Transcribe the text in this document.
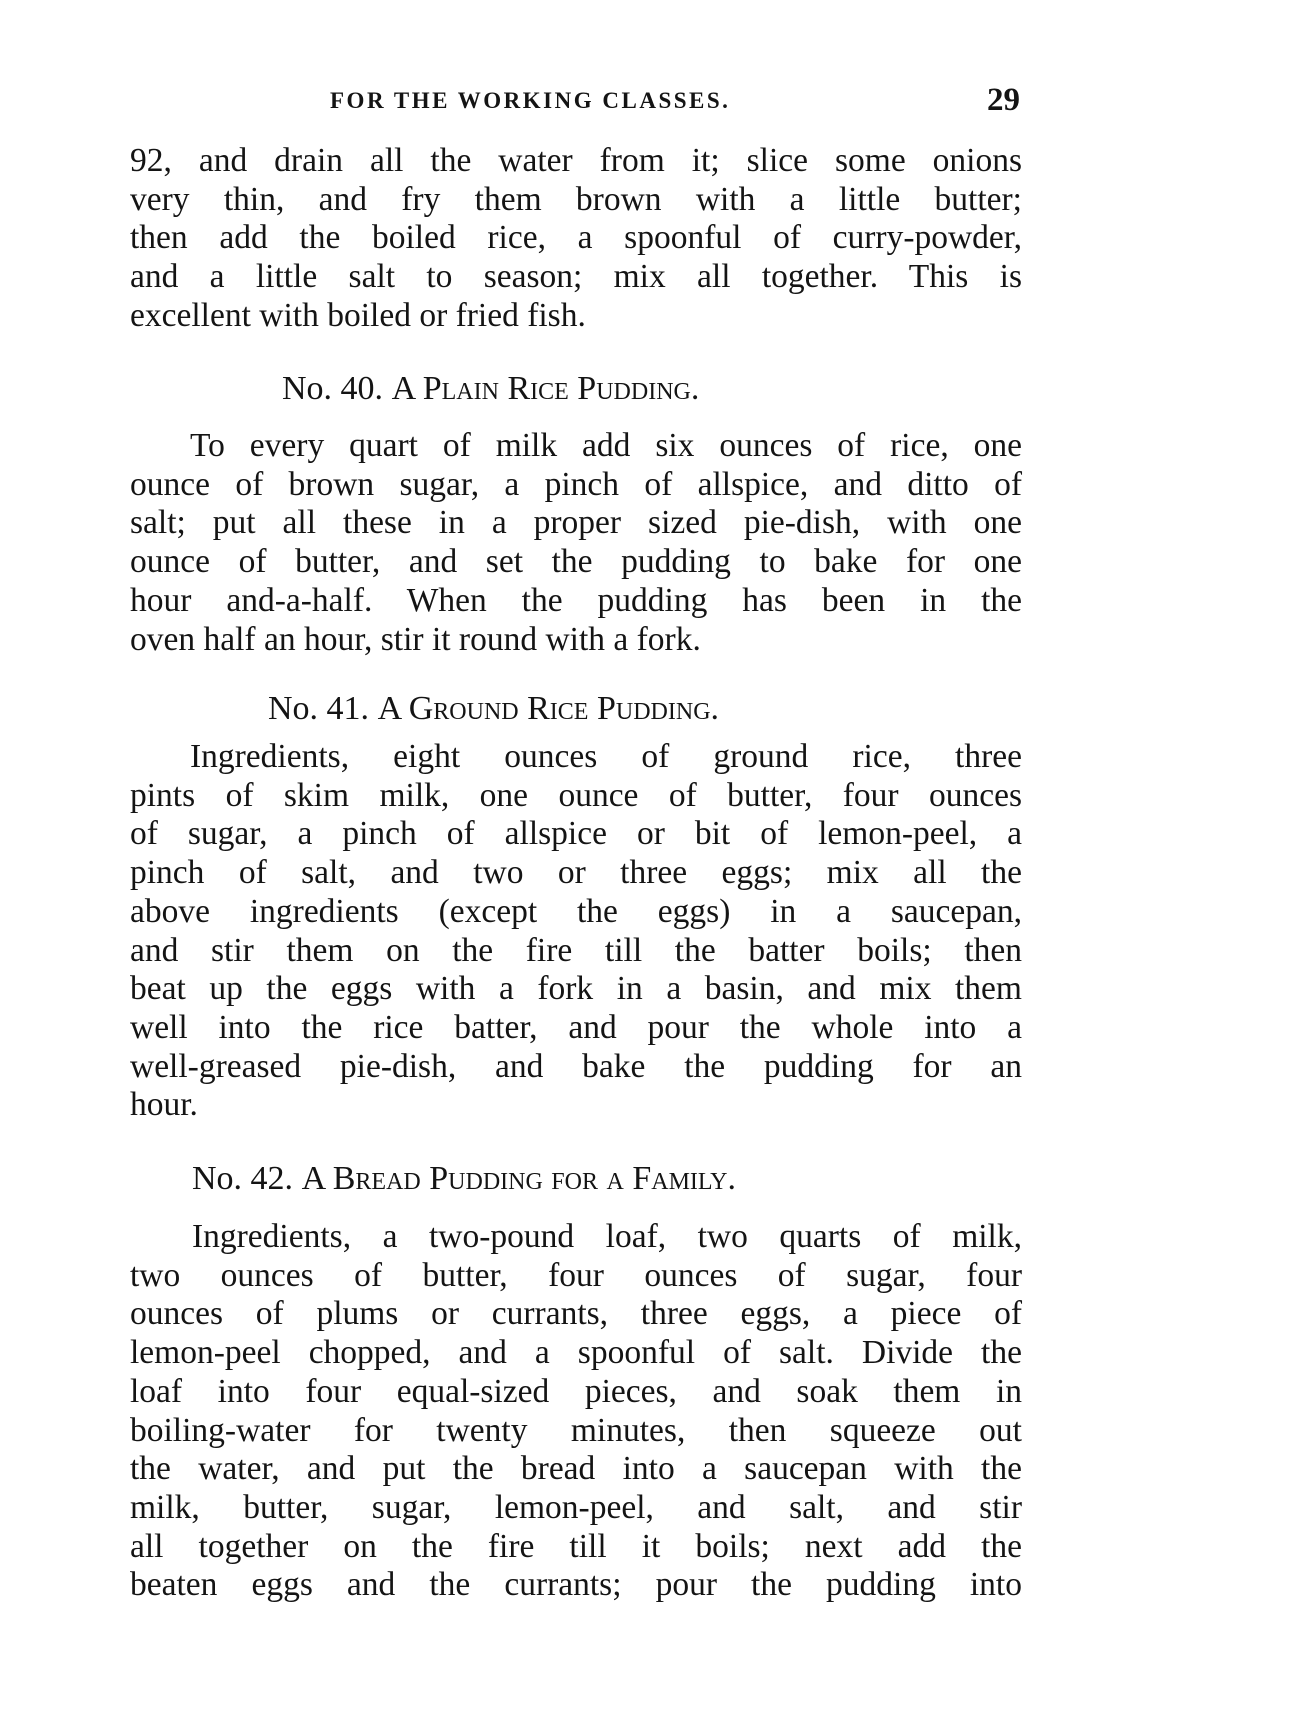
FOR THE WORKING CLASSES.	29
92, and drain all the water from it; slice some onions
very thin, and fry them brown with a little butter;
then add the boiled rice, a spoonful of curry-powder,
and a little salt to season; mix all together. This is
excellent with boiled or fried fish.
No. 40. A Plain Rice Pudding.
To every quart of milk add six ounces of rice, one
ounce of brown sugar, a pinch of allspice, and ditto of
salt; put all these in a proper sized pie-dish, with one
ounce of butter, and set the pudding to bake for one
hour and-a-half. When the pudding has been in the
oven half an hour, stir it round with a fork.
No. 41. A Ground Rice Pudding.
Ingredients, eight ounces of ground rice, three
pints of skim milk, one ounce of butter, four ounces
of sugar, a pinch of allspice or bit of lemon-peel, a
pinch of salt, and two or three eggs; mix all the
above ingredients (except the eggs) in a saucepan,
and stir them on the fire till the batter boils; then
beat up the eggs with a fork in a basin, and mix them
well into the rice batter, and pour the whole into a
well-greased pie-dish, and bake the pudding for an
hour.
No. 42. A Bread Pudding for a Family.
Ingredients, a two-pound loaf, two quarts of milk,
two ounces of butter, four ounces of sugar, four
ounces of plums or currants, three eggs, a piece of
lemon-peel chopped, and a spoonful of salt. Divide the
loaf into four equal-sized pieces, and soak them in
boiling-water for twenty minutes, then squeeze out
the water, and put the bread into a saucepan with the
milk, butter, sugar, lemon-peel, and salt, and stir
all together on the fire till it boils; next add the
beaten eggs and the currants; pour the pudding into
